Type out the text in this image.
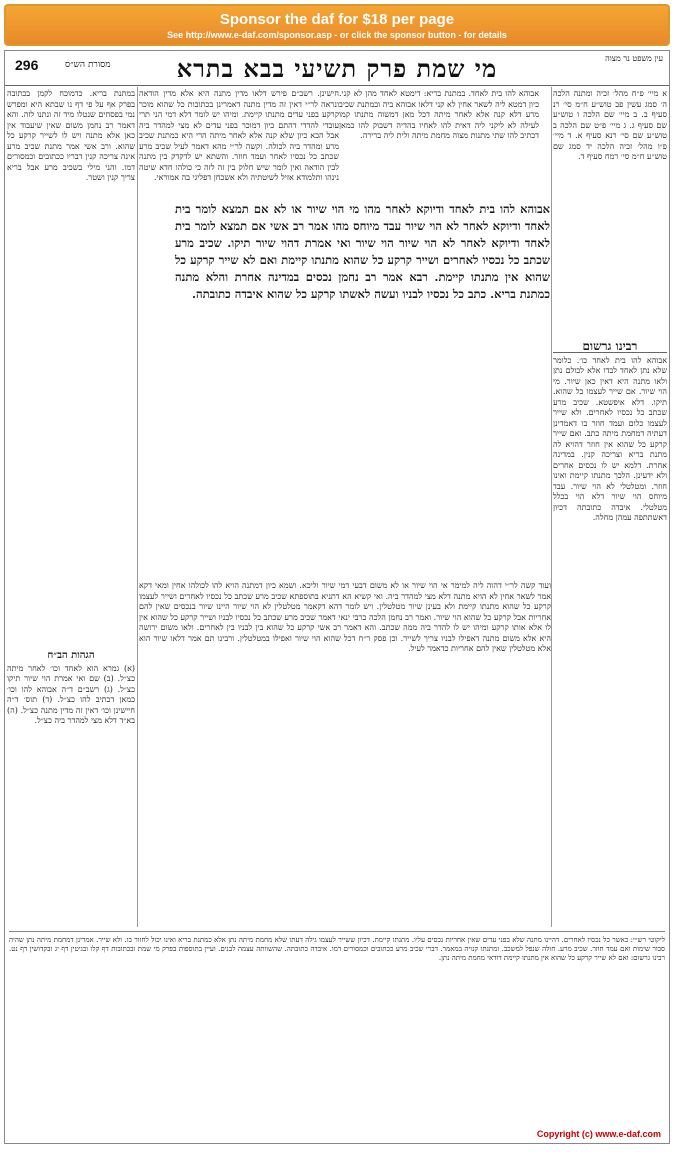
Sponsor the daf for $18 per page
See http://www.e-daf.com/sponsor.asp - or click the sponsor button - for details
296	מי שמת פרק תשיעי בבא בתרא	עין משפט נר מצוה
מסורת הש״ס
א מיי׳ פ״ח מהל׳ זכיה ומתנה הלכה ה׳ סמג עשין פב טוש״ע ח״מ סי׳ רנ סעיף ב. ב מיי׳ שם הלכה ו טוש״ע שם סעיף ג. ג מיי׳ פ״ט שם הלכה ב טוש״ע שם סי׳ רנא סעיף א. ד מיי׳ פ״ו מהל׳ זכיה הלכה יד סמג שם טוש״ע ח״מ סי׳ רמח סעיף ד.
רבינו גרשום
אבוהא להו בית לאחד כו׳. כלומר שלא נתן לאחד לבדו אלא לכולם נתן ולאו מתנה היא דאין כאן שיור. מי הוי שיור. אם שייר לעצמו כל שהוא. תיקו. דלא איפשטא. שכיב מרע שכתב כל נכסיו לאחרים. ולא שייר לעצמו כלום ועמד חוזר בו דאמדינן דעתיה דמחמת מיתה כתב. ואם שייר קרקע כל שהוא אין חוזר דהויא לה מתנת בריא וצריכה קנין. במדינה אחרת. דלמא יש לו נכסים אחרים ולא ידעינן. הלכך מתנתו קיימת ואינו חוזר. ומטלטלי לא הוי שיור. עבד מיוחס הוי שיור דלא הוי בכלל מטלטלי. איבדה כתובתה דכיון דאשתתפה עמהן מחלה.
אבוהא להו בית לאחד. במתנת בריא: דימטא לאחד מהן לא קני. כיון דמטא ליה לשאר אחין לא קני דלאו אבוהא ביה ובמתנת שכיב מרע דלא קנה אלא לאחר מיתה דכל מאן דמשוה מתנתו קמו לעילה לא ליקני ליה דאית להו לאחיו בהדיה דשבוק להו כמאן דכתיב להו שתי מתנות מצוה מחמת מיתה ולית ליה ברירה.
חישינן. רשב״ם פירש דלאו מדין מתנה היא אלא מדין הודאה ונראה לר״י דאין זה מדין מתנה דאמרינן בכתובות כל שהוא מוכר קרקע בפני עדים מתנתו קיימת. ומיהו יש לומר דלא דמי הני תרי עובדי להדדי דהתם כיון דמוכר בפני עדים לא מצי למהדר ביה אבל הכא כיון שלא קנה אלא לאחר מיתה הרי היא כמתנת שכיב מרע ומהדר ביה לכולה. וקשה לר״י מהא דאמר לעיל שכיב מרע שכתב כל נכסיו לאחר ועמד חוזר. והשתא יש לדקדק בין מתנה לבין הודאה ואין לומר שיש חלוק בין זה לזה כי כולהו חדא שיטה נינהו ותלמודא אזיל לשיטתיה ולא אשכחן דפליגי בה אמוראי.
אבוהא להו בית לאחד ודיוקא לאחר מהו מי הוי שיור או לא אם תמצא לומר בית לאחד ודיוקא לאחר לא הוי שיור עבד מיוחס מהו אמר רב אשי אם תמצא לומר בית לאחד ודיוקא לאחר לא הוי שיור הוי שיור ואי אמרת דהוי שיור תיקו. שכיב מרע שכתב כל נכסיו לאחרים ושייר קרקע כל שהוא מתנתו קיימת ואם לא שייר קרקע כל שהוא אין מתנתו קיימת. רבא אמר רב נחמן נכסים במדינה אחרת והלא מתנה כמתנת בריא. כתב כל נכסיו לבניו ועשה לאשתו קרקע כל שהוא איבדה כתובתה.
במתנת בריא. כדמוכח לקמן בכתובה בפרק אף על פי דף נו שבתא היא ומפרש נמי בפסחים שנטלו מיד זה ונתנו לזה. והא דאמר רב נחמן משום שאין שיעבוד אין כאן אלא מתנה ויש לו לשייר קרקע כל שהוא. ורב אשי אמר מתנת שכיב מרע אינה צריכה קנין דבריו ככתובים וכמסורים דמו. והני מילי בשכיב מרע אבל בריא צריך קנין ושטר.
הגהות הב״ח
(א) גמרא הוא לאחד וכו׳ לאחר מיתה כצ״ל. (ב) שם ואי אמרת הוי שיור תיקו כצ״ל. (ג) רשב״ם ד״ה אבוהא להו וכו׳ כמאן דכתיב להו כצ״ל. (ד) תוס׳ ד״ה חיישינן וכו׳ דאין זה מדין מתנה כצ״ל. (ה) בא״ד דלא מצי למהדר ביה כצ״ל.
ועוד קשה לר״י דהוה ליה למימר אי הוי שיור או לא משום דבעי דמי שיור וליכא. ושמא כיון דמתנה הויא להו לכולהו אחין ומאי דקא אמר לשאר אחין לא הויא מתנה דלא מצי למהדר ביה. ואי קשיא הא דתניא בתוספתא שכיב מרע שכתב כל נכסיו לאחרים ושייר לעצמו קרקע כל שהוא מתנתו קיימת ולא בעינן שיור מטלטלין. ויש לומר דהא דקאמר מטלטלין לא הוי שיור היינו שיור בנכסים שאין להם אחריות אבל קרקע כל שהוא הוי שיור. ואמר רב נחמן הלכה כרבי ינאי דאמר שכיב מרע שכתב כל נכסיו לבניו ושייר קרקע כל שהוא אין לו אלא אותו קרקע ומיהו יש לו להדר ביה ממה שכתב. והא דאמר רב אשי קרקע כל שהוא בין לבניו בין לאחרים. ולאו משום ירושה היא אלא משום מתנה דאפילו לבניו צריך לשייר. וכן פסק ר״ח דכל שהוא הוי שיור ואפילו במטלטלין. ורבינו תם אמר דלאו שיור הוא אלא מטלטלין שאין להם אחריות כדאמר לעיל.
ליקוטי רש״י: כאשר כל נכסיו לאחרים. דהיינו מתנה שלא בפני עדים שאין אחריות נכסים עליו. מתנתו קיימת. דכיון ששייר לעצמו גילה דעתו שלא מחמת מיתה נתן אלא כמתנת בריא ואינו יכול לחזור בו. ולא שייר. אמרינן דמחמת מיתה נתן שהיה סבור שימות ואם עמד חוזר. שכיב מרע. חולה שנפל למשכב. ומתנתו קנויה במאמר. דברי שכיב מרע ככתובים וכמסורים דמו. איבדה כתובתה. שהשוותה עצמה לבנים. ועיין בתוספות בפרק מי שמת ובכתובות דף קלו ובגיטין דף יג ובקדושין דף נט. רבינו גרשום: ואם לא שייר קרקע כל שהוא אין מתנתו קיימת דודאי מחמת מיתה נתן.
Copyright (c) www.e-daf.com
